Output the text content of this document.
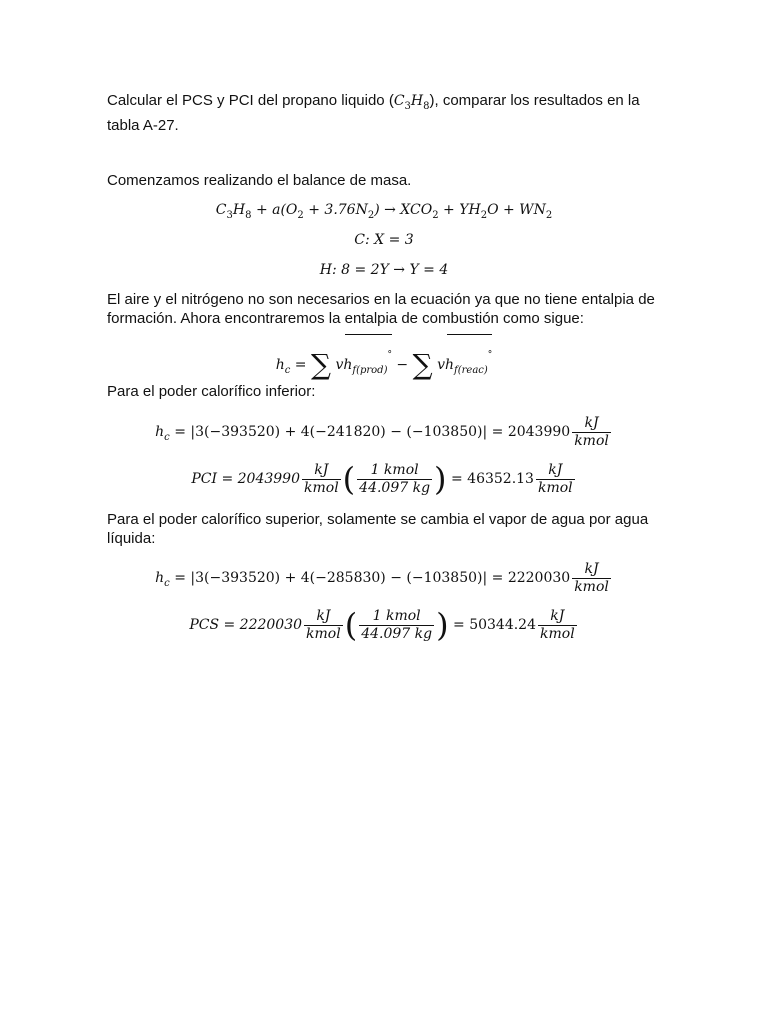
Calcular el PCS y PCI del propano liquido $(C_3H_8)$, comparar los resultados en la tabla A-27.

Comenzamos realizando el balance de masa.

$C_3H_8 + a(O_2 + 3.76N_2) \to XCO_2 + YH_2O + WN_2$
C: X = 3
H: 8 = 2Y → Y = 4

El aire y el nitrógeno no son necesarios en la ecuación ya que no tiene entalpia de formación. Ahora encontraremos la entalpia de combustión como sigue:

$h_c$ = ∑ $vh_{f(prod)}^\circ$ − ∑ $vh_{f(reac)}^\circ$

Para el poder calorífico inferior:

$h_c = |3(-393520) + 4(-241820) - (-103850)| = 2043990 \frac{kJ}{\text{kmol}}$
PCI = $2043990 \frac{kJ}{\text{kmol}}$ ( $\frac{\text{1 kmol}}{44.097 kg}$ ) = $46352.13 \frac{kJ}{\text{kmol}}$

Para el poder calorífico superior, solamente se cambia el vapor de agua por agua líquida:

$h_c = |3(-393520) + 4(-285830) - (-103850)| = 2220030 \frac{kJ}{\text{kmol}}$
PCS = $2220030 \frac{kJ}{\text{kmol}}$ ( $\frac{\text{1 kmol}}{44.097 kg}$ ) = $50344.24 \frac{kJ}{\text{kmol}}$
